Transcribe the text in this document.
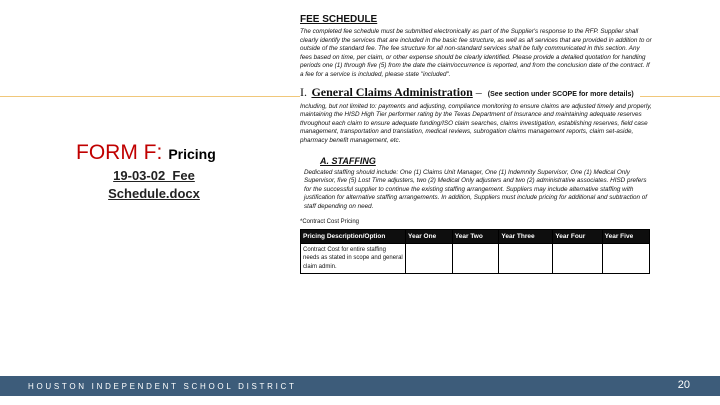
FORM F: Pricing
19-03-02_Fee Schedule.docx
FEE SCHEDULE

The completed fee schedule must be submitted electronically as part of the Supplier's response to the RFP. Supplier shall clearly identify the services that are included in the basic fee structure, as well as all services that are provided in addition to or outside of the standard fee. The fee structure for all non-standard services shall be fully communicated in this section. Any fees based on time, per claim, or other expense should be clearly identified. Please provide a detailed quotation for handling periods one (1) through five (5) from the date the claim/occurrence is reported, and from the conclusion date of the contract. If a fee for a service is included, please state "included".

I. General Claims Administration – (See section under SCOPE for more details)

Including, but not limited to: payments and adjusting, compliance monitoring to ensure claims are adjusted timely and properly, maintaining the HISD High Tier performer rating by the Texas Department of Insurance and maintaining adequate reserves throughout each claim to ensure adequate funding/ISO claim searches, claims investigation, establishing reserves, field case management, transportation and translation, medical reviews, subrogation claims management reports, claim set-aside, pharmacy benefit management, etc.

A. STAFFING

Dedicated staffing should include: One (1) Claims Unit Manager, One (1) Indemnity Supervisor, One (1) Medical Only Supervisor, five (5) Lost Time adjusters, two (2) Medical Only adjusters and two (2) administrative associates. HISD prefers for the successful supplier to continue the existing staffing arrangement. Suppliers may include alternative staffing with justification for alternative staffing arrangements. In addition, Suppliers must include pricing for additional and subtraction of staff depending on need.

*Contract Cost Pricing
Pricing Description/Option	Year One	Year Two	Year Three	Year Four	Year Five
Contract Cost for entire staffing needs as stated in scope and general claim admin.					
HOUSTON INDEPENDENT SCHOOL DISTRICT	20
